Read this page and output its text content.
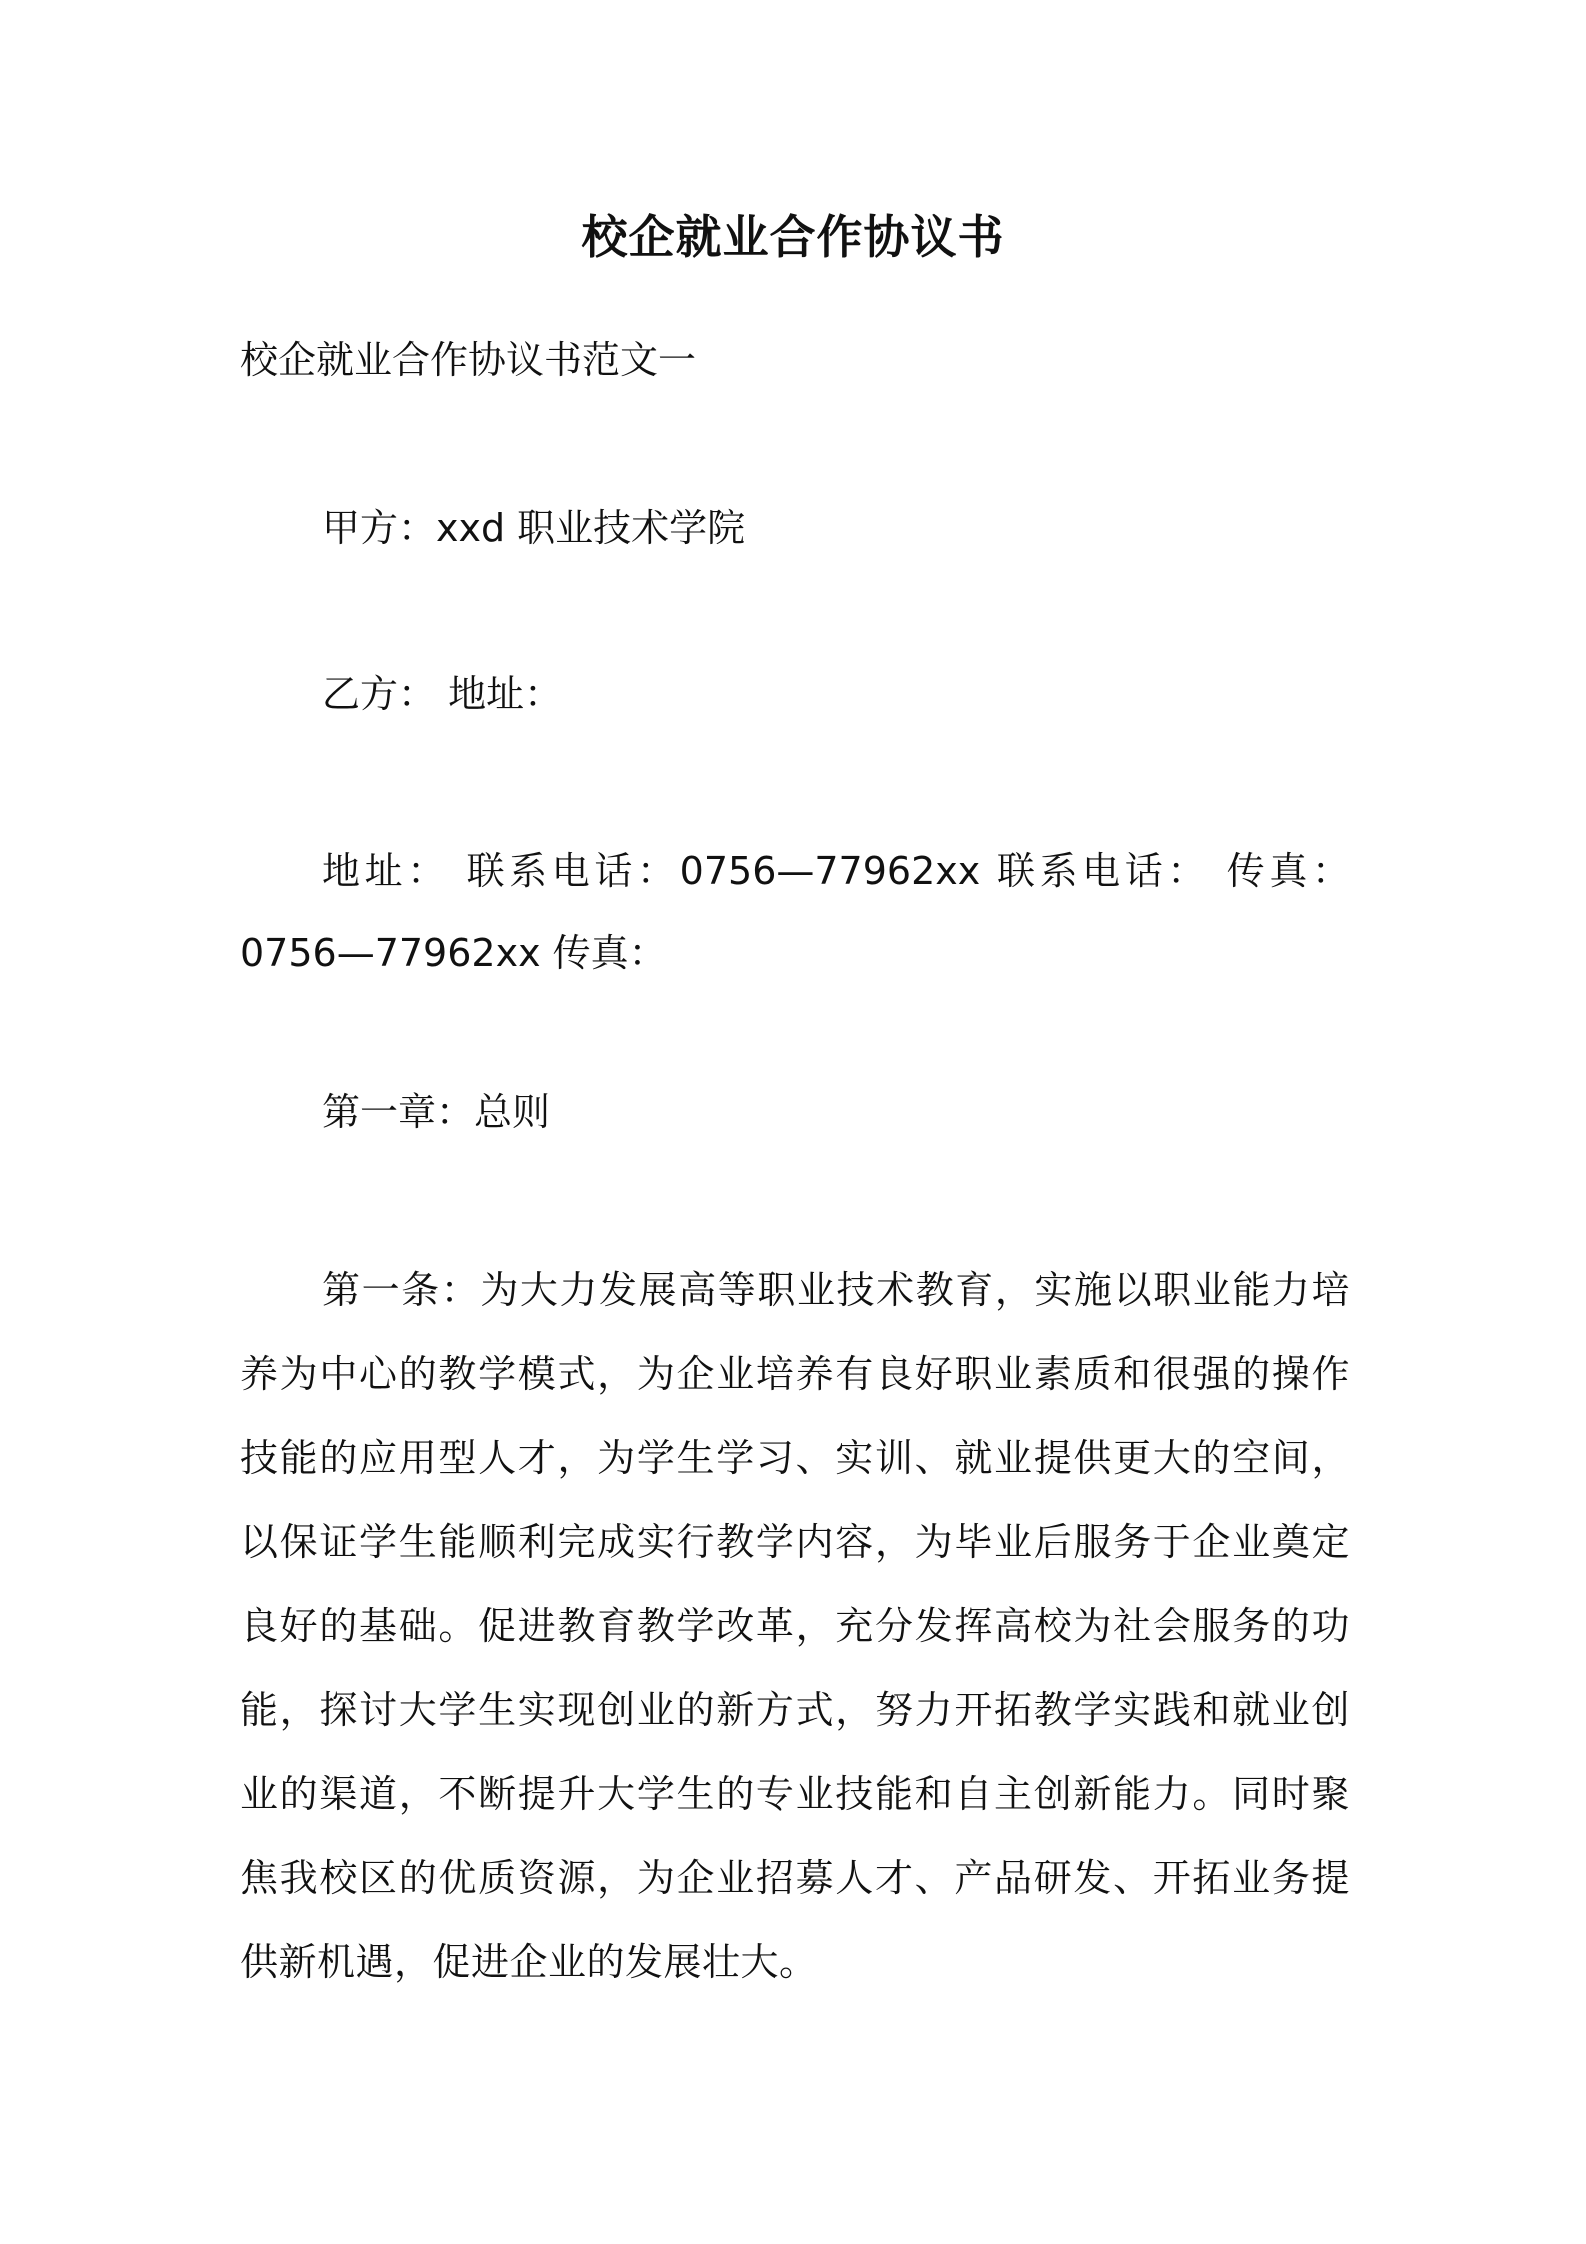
校企就业合作协议书
校企就业合作协议书范文一
甲方：xxd 职业技术学院
乙方： 地址：
地址： 联系电话：0756—77962xx 联系电话： 传真：0756—77962xx 传真：
第一章：总则
第一条：为大力发展高等职业技术教育，实施以职业能力培养为中心的教学模式，为企业培养有良好职业素质和很强的操作技能的应用型人才，为学生学习、实训、就业提供更大的空间，以保证学生能顺利完成实行教学内容，为毕业后服务于企业奠定良好的基础。促进教育教学改革，充分发挥高校为社会服务的功能，探讨大学生实现创业的新方式，努力开拓教学实践和就业创业的渠道，不断提升大学生的专业技能和自主创新能力。同时聚焦我校区的优质资源，为企业招募人才、产品研发、开拓业务提供新机遇，促进企业的发展壮大。
